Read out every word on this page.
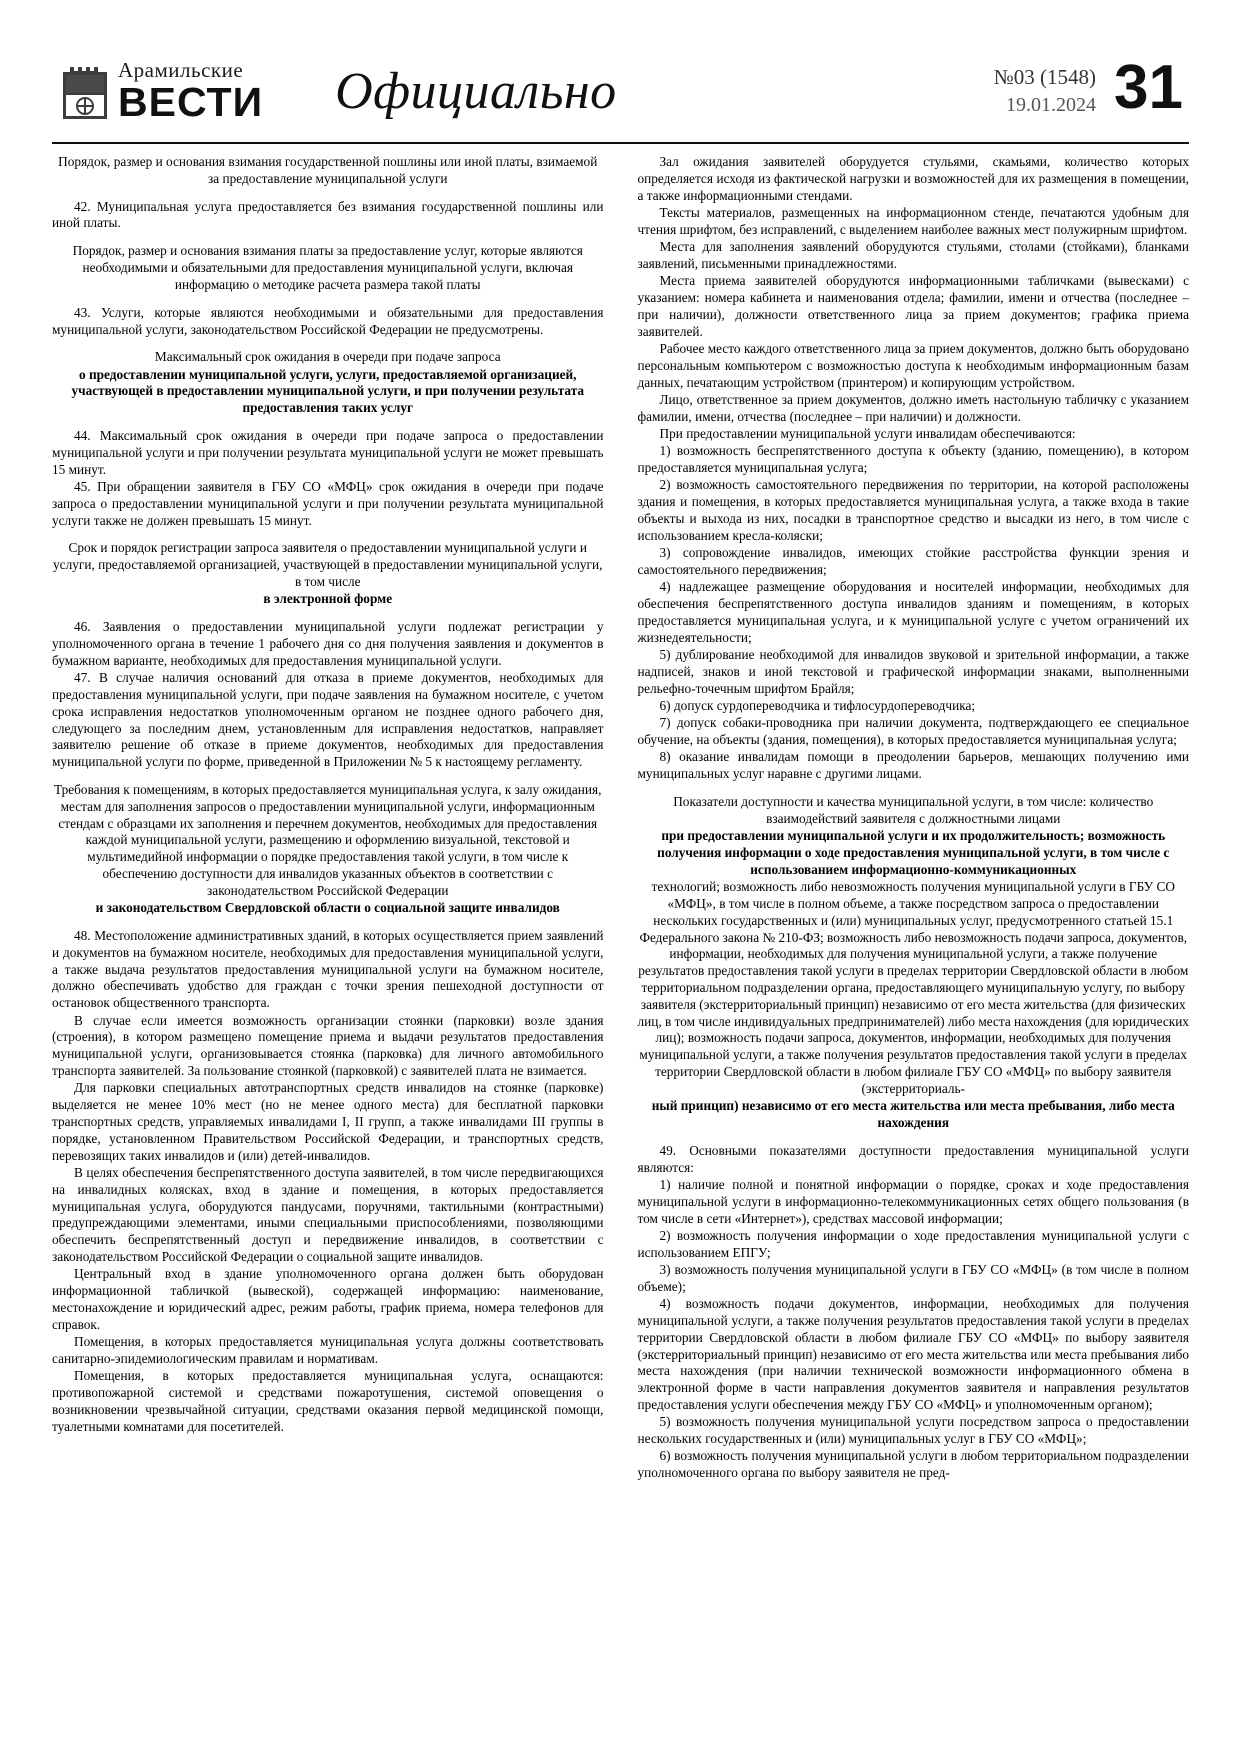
Арамильские
ВЕСТИ	Официально	№03 (1548)
19.01.2024 31

Порядок, размер и основания взимания государственной пошлины или иной платы, взимаемой за предоставление муниципальной услуги

42. Муниципальная услуга предоставляется без взимания государственной пошлины или иной платы.

Порядок, размер и основания взимания платы за предоставление услуг, которые являются необходимыми и обязательными для предоставления муниципальной услуги, включая информацию о методике расчета размера такой платы

43. Услуги, которые являются необходимыми и обязательными для предоставления муниципальной услуги, законодательством Российской Федерации не предусмотрены.

Максимальный срок ожидания в очереди при подаче запроса

о предоставлении муниципальной услуги, услуги, предоставляемой организацией, участвующей в предоставлении муниципальной услуги, и при получении результата предоставления таких услуг

44. Максимальный срок ожидания в очереди при подаче запроса о предоставлении муниципальной услуги и при получении результата муниципальной услуги не может превышать 15 минут.

45. При обращении заявителя в ГБУ СО «МФЦ» срок ожидания в очереди при подаче запроса о предоставлении муниципальной услуги и при получении результата муниципальной услуги также не должен превышать 15 минут.

Срок и порядок регистрации запроса заявителя о предоставлении муниципальной услуги и услуги, предоставляемой организацией, участвующей в предоставлении муниципальной услуги, в том числе

в электронной форме

46. Заявления о предоставлении муниципальной услуги подлежат регистрации у уполномоченного органа в течение 1 рабочего дня со дня получения заявления и документов в бумажном варианте, необходимых для предоставления муниципальной услуги.

47. В случае наличия оснований для отказа в приеме документов, необходимых для предоставления муниципальной услуги, при подаче заявления на бумажном носителе, с учетом срока исправления недостатков уполномоченным органом не позднее одного рабочего дня, следующего за последним днем, установленным для исправления недостатков, направляет заявителю решение об отказе в приеме документов, необходимых для предоставления муниципальной услуги по форме, приведенной в Приложении № 5 к настоящему регламенту.

Требования к помещениям, в которых предоставляется муниципальная услуга, к залу ожидания, местам для заполнения запросов о предоставлении муниципальной услуги, информационным стендам с образцами их заполнения и перечнем документов, необходимых для предоставления каждой муниципальной услуги, размещению и оформлению визуальной, текстовой и мультимедийной информации о порядке предоставления такой услуги, в том числе к обеспечению доступности для инвалидов указанных объектов в соответствии с законодательством Российской Федерации

и законодательством Свердловской области о социальной защите инвалидов

48. Местоположение административных зданий, в которых осуществляется прием заявлений и документов на бумажном носителе, необходимых для предоставления муниципальной услуги, а также выдача результатов предоставления муниципальной услуги на бумажном носителе, должно обеспечивать удобство для граждан с точки зрения пешеходной доступности от остановок общественного транспорта.

В случае если имеется возможность организации стоянки (парковки) возле здания (строения), в котором размещено помещение приема и выдачи результатов предоставления муниципальной услуги, организовывается стоянка (парковка) для личного автомобильного транспорта заявителей. За пользование стоянкой (парковкой) с заявителей плата не взимается.

Для парковки специальных автотранспортных средств инвалидов на стоянке (парковке) выделяется не менее 10% мест (но не менее одного места) для бесплатной парковки транспортных средств, управляемых инвалидами I, II групп, а также инвалидами III группы в порядке, установленном Правительством Российской Федерации, и транспортных средств, перевозящих таких инвалидов и (или) детей-инвалидов.

В целях обеспечения беспрепятственного доступа заявителей, в том числе передвигающихся на инвалидных колясках, вход в здание и помещения, в которых предоставляется муниципальная услуга, оборудуются пандусами, поручнями, тактильными (контрастными) предупреждающими элементами, иными специальными приспособлениями, позволяющими обеспечить беспрепятственный доступ и передвижение инвалидов, в соответствии с законодательством Российской Федерации о социальной защите инвалидов.

Центральный вход в здание уполномоченного органа должен быть оборудован информационной табличкой (вывеской), содержащей информацию: наименование, местонахождение и юридический адрес, режим работы, график приема, номера телефонов для справок.

Помещения, в которых предоставляется муниципальная услуга должны соответствовать санитарно-эпидемиологическим правилам и нормативам.

Помещения, в которых предоставляется муниципальная услуга, оснащаются: противопожарной системой и средствами пожаротушения, системой оповещения о возникновении чрезвычайной ситуации, средствами оказания первой медицинской помощи, туалетными комнатами для посетителей.

Зал ожидания заявителей оборудуется стульями, скамьями, количество которых определяется исходя из фактической нагрузки и возможностей для их размещения в помещении, а также информационными стендами.

Тексты материалов, размещенных на информационном стенде, печатаются удобным для чтения шрифтом, без исправлений, с выделением наиболее важных мест полужирным шрифтом.

Места для заполнения заявлений оборудуются стульями, столами (стойками), бланками заявлений, письменными принадлежностями.

Места приема заявителей оборудуются информационными табличками (вывесками) с указанием: номера кабинета и наименования отдела; фамилии, имени и отчества (последнее – при наличии), должности ответственного лица за прием документов; графика приема заявителей.

Рабочее место каждого ответственного лица за прием документов, должно быть оборудовано персональным компьютером с возможностью доступа к необходимым информационным базам данных, печатающим устройством (принтером) и копирующим устройством.

Лицо, ответственное за прием документов, должно иметь настольную табличку с указанием фамилии, имени, отчества (последнее – при наличии) и должности.

При предоставлении муниципальной услуги инвалидам обеспечиваются:

1) возможность беспрепятственного доступа к объекту (зданию, помещению), в котором предоставляется муниципальная услуга;

2) возможность самостоятельного передвижения по территории, на которой расположены здания и помещения, в которых предоставляется муниципальная услуга, а также входа в такие объекты и выхода из них, посадки в транспортное средство и высадки из него, в том числе с использованием кресла-коляски;

3) сопровождение инвалидов, имеющих стойкие расстройства функции зрения и самостоятельного передвижения;

4) надлежащее размещение оборудования и носителей информации, необходимых для обеспечения беспрепятственного доступа инвалидов зданиям и помещениям, в которых предоставляется муниципальная услуга, и к муниципальной услуге с учетом ограничений их жизнедеятельности;

5) дублирование необходимой для инвалидов звуковой и зрительной информации, а также надписей, знаков и иной текстовой и графической информации знаками, выполненными рельефно-точечным шрифтом Брайля;

6) допуск сурдопереводчика и тифлосурдопереводчика;

7) допуск собаки-проводника при наличии документа, подтверждающего ее специальное обучение, на объекты (здания, помещения), в которых предоставляется муниципальная услуга;

8) оказание инвалидам помощи в преодолении барьеров, мешающих получению ими муниципальных услуг наравне с другими лицами.

Показатели доступности и качества муниципальной услуги, в том числе: количество взаимодействий заявителя с должностными лицами

при предоставлении муниципальной услуги и их продолжительность; возможность получения информации о ходе предоставления муниципальной услуги, в том числе с использованием информационно-коммуникационных

технологий; возможность либо невозможность получения муниципальной услуги в ГБУ СО «МФЦ», в том числе в полном объеме, а также посредством запроса о предоставлении нескольких государственных и (или) муниципальных услуг, предусмотренного статьей 15.1 Федерального закона № 210-ФЗ; возможность либо невозможность подачи запроса, документов, информации, необходимых для получения муниципальной услуги, а также получение результатов предоставления такой услуги в пределах территории Свердловской области в любом территориальном подразделении органа, предоставляющего муниципальную услугу, по выбору заявителя (экстерриториальный принцип) независимо от его места жительства (для физических лиц, в том числе индивидуальных предпринимателей) либо места нахождения (для юридических лиц); возможность подачи запроса, документов, информации, необходимых для получения муниципальной услуги, а также получения результатов предоставления такой услуги в пределах территории Свердловской области в любом филиале ГБУ СО «МФЦ» по выбору заявителя (экстерриториаль-

ный принцип) независимо от его места жительства или места пребывания, либо места нахождения

49. Основными показателями доступности предоставления муниципальной услуги являются:

1) наличие полной и понятной информации о порядке, сроках и ходе предоставления муниципальной услуги в информационно-телекоммуникационных сетях общего пользования (в том числе в сети «Интернет»), средствах массовой информации;

2) возможность получения информации о ходе предоставления муниципальной услуги с использованием ЕПГУ;

3) возможность получения муниципальной услуги в ГБУ СО «МФЦ» (в том числе в полном объеме);

4) возможность подачи документов, информации, необходимых для получения муниципальной услуги, а также получения результатов предоставления такой услуги в пределах территории Свердловской области в любом филиале ГБУ СО «МФЦ» по выбору заявителя (экстерриториальный принцип) независимо от его места жительства или места пребывания либо места нахождения (при наличии технической возможности информационного обмена в электронной форме в части направления документов заявителя и направления результатов предоставления услуги обеспечения между ГБУ СО «МФЦ» и уполномоченным органом);

5) возможность получения муниципальной услуги посредством запроса о предоставлении нескольких государственных и (или) муниципальных услуг в ГБУ СО «МФЦ»;

6) возможность получения муниципальной услуги в любом территориальном подразделении уполномоченного органа по выбору заявителя не пред-
